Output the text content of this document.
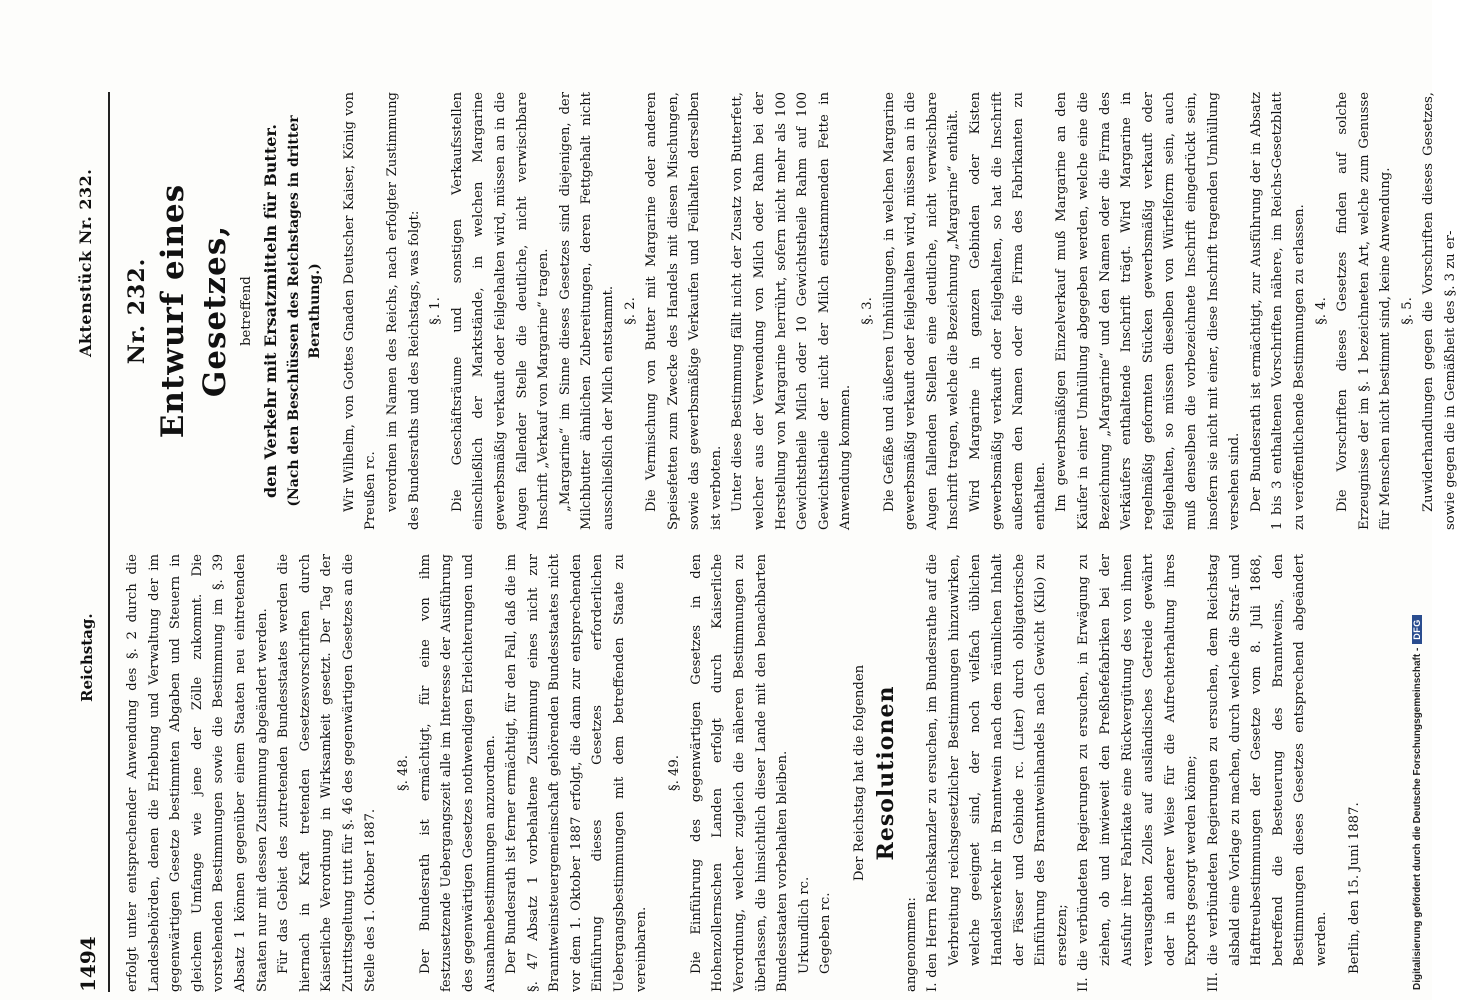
1494
Reichstag.
Aktenstück Nr. 232.

erfolgt unter entsprechender Anwendung des §. 2 durch die Landesbehörden, denen die Erhebung und Verwaltung der im gegenwärtigen Gesetze bestimmten Abgaben und Steuern in gleichem Umfange wie jene der Zölle zukommt. Die vorstehenden Bestimmungen sowie die Bestimmung im §. 39 Absatz 1 können gegenüber einem Staaten neu eintretenden Staaten nur mit dessen Zustimmung abgeändert werden. Für das Gebiet des zutretenden Bundesstaates werden die hiernach in Kraft tretenden Gesetzesvorschriften durch Kaiserliche Verordnung in Wirksamkeit gesetzt. Der Tag der Zutrittsgeltung tritt für §. 46 des gegenwärtigen Gesetzes an die Stelle des 1. Oktober 1887.

§. 48. Der Bundesrath ist ermächtigt, für eine von ihm festzusetzende Uebergangszeit alle im Interesse der Ausführung des gegenwärtigen Gesetzes nothwendigen Erleichterungen und Ausnahmebestimmungen anzuordnen. Der Bundesrath ist ferner ermächtigt, für den Fall, daß die im §. 47 Absatz 1 vorbehaltene Zustimmung eines nicht zur Branntweinsteuergemeinschaft gehörenden Bundesstaates nicht vor dem 1. Oktober 1887 erfolgt, die dann zur entsprechenden Einführung dieses Gesetzes erforderlichen Uebergangsbestimmungen mit dem betreffenden Staate zu vereinbaren.

§. 49. Die Einführung des gegenwärtigen Gesetzes in den Hohenzollernschen Landen erfolgt durch Kaiserliche Verordnung, welcher zugleich die näheren Bestimmungen zu überlassen, die hinsichtlich dieser Lande mit den benachbarten Bundesstaaten vorbehalten bleiben. Urkundlich rc. Gegeben rc.

Der Reichstag hat die folgenden Resolutionen

angenommen: I. den Herrn Reichskanzler zu ersuchen, im Bundesrathe auf die Verbreitung reichsgesetzlicher Bestimmungen hinzuwirken, welche geeignet sind, der noch vielfach üblichen Handelsverkehr in Branntwein nach dem räumlichen Inhalt der Fässer und Gebinde rc. (Liter) durch obligatorische Einführung des Branntweinhandels nach Gewicht (Kilo) zu ersetzen; II. die verbündeten Regierungen zu ersuchen, in Erwägung zu ziehen, ob und inwieweit den Preßhefefabriken bei der Ausfuhr ihrer Fabrikate eine Rückvergütung des von ihnen verausgabten Zolles auf ausländisches Getreide gewährt oder in anderer Weise für die Aufrechterhaltung ihres Exports gesorgt werden könne; III. die verbündeten Regierungen zu ersuchen, dem Reichstag alsbald eine Vorlage zu machen, durch welche die Straf- und Hafttreubestimmungen der Gesetze vom 8. Juli 1868, betreffend die Besteuerung des Branntweins, den Bestimmungen dieses Gesetzes entsprechend abgeändert werden. Berlin, den 15. Juni 1887.

Nr. 232. Entwurf eines Gesetzes, betreffend den Verkehr mit Ersatzmitteln für Butter. (Nach den Beschlüssen des Reichstages in dritter Berathung.) Wir Wilhelm, von Gottes Gnaden Deutscher Kaiser, König von Preußen rc. verordnen im Namen des Reichs, nach erfolgter Zustimmung des Bundesraths und des Reichstags, was folgt: §. 1. Die Geschäftsräume und sonstigen Verkaufsstellen einschließlich der Marktstände, in welchen Margarine gewerbsmäßig verkauft oder feilgehalten wird, müssen an in die Augen fallender Stelle die deutliche, nicht verwischbare Inschrift „Verkauf von Margarine“ tragen. „Margarine“ im Sinne dieses Gesetzes sind diejenigen, der Milchbutter ähnlichen Zubereitungen, deren Fettgehalt nicht ausschließlich der Milch entstammt. §. 2. Die Vermischung von Butter mit Margarine oder anderen Speisefetten zum Zwecke des Handels mit diesen Mischungen, sowie das gewerbsmäßige Verkaufen und Feilhalten derselben ist verboten. Unter diese Bestimmung fällt nicht der Zusatz von Butterfett, welcher aus der Verwendung von Milch oder Rahm bei der Herstellung von Margarine herrührt, sofern nicht mehr als 100 Gewichtstheile Milch oder 10 Gewichtstheile Rahm auf 100 Gewichtstheile der nicht der Milch entstammenden Fette in Anwendung kommen.

§. 3. Die Gefäße und äußeren Umhüllungen, in welchen Margarine gewerbsmäßig verkauft oder feilgehalten wird, müssen an in die Augen fallenden Stellen eine deutliche, nicht verwischbare Inschrift tragen, welche die Bezeichnung „Margarine“ enthält. Wird Margarine in ganzen Gebinden oder Kisten gewerbsmäßig verkauft oder feilgehalten, so hat die Inschrift außerdem den Namen oder die Firma des Fabrikanten zu enthalten. Im gewerbsmäßigen Einzelverkauf muß Margarine an den Käufer in einer Umhüllung abgegeben werden, welche eine die Bezeichnung „Margarine“ und den Namen oder die Firma des Verkäufers enthaltende Inschrift trägt. Wird Margarine in regelmäßig geformten Stücken gewerbsmäßig verkauft oder feilgehalten, so müssen dieselben von Würfelform sein, auch muß denselben die vorbezeichnete Inschrift eingedrückt sein, insofern sie nicht mit einer, diese Inschrift tragenden Umhüllung versehen sind. Der Bundesrath ist ermächtigt, zur Ausführung der in Absatz 1 bis 3 enthaltenen Vorschriften nähere, im Reichs-Gesetzblatt zu veröffentlichende Bestimmungen zu erlassen. §. 4. Die Vorschriften dieses Gesetzes finden auf solche Erzeugnisse der im §. 1 bezeichneten Art, welche zum Genusse für Menschen nicht bestimmt sind, keine Anwendung. §. 5. Zuwiderhandlungen gegen die Vorschriften dieses Gesetzes, sowie gegen die in Gemäßheit des §. 3 zu er-

Digitalisierung gefördert durch die Deutsche Forschungsgemeinschaft -DFG
